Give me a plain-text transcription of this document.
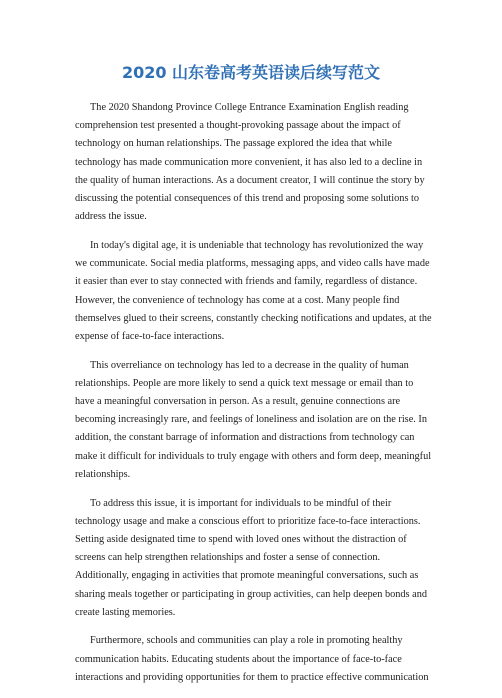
2020 山东卷高考英语读后续写范文

The 2020 Shandong Province College Entrance Examination English reading comprehension test presented a thought-provoking passage about the impact of technology on human relationships. The passage explored the idea that while technology has made communication more convenient, it has also led to a decline in the quality of human interactions. As a document creator, I will continue the story by discussing the potential consequences of this trend and proposing some solutions to address the issue.

In today's digital age, it is undeniable that technology has revolutionized the way we communicate. Social media platforms, messaging apps, and video calls have made it easier than ever to stay connected with friends and family, regardless of distance. However, the convenience of technology has come at a cost. Many people find themselves glued to their screens, constantly checking notifications and updates, at the expense of face-to-face interactions.

This overreliance on technology has led to a decrease in the quality of human relationships. People are more likely to send a quick text message or email than to have a meaningful conversation in person. As a result, genuine connections are becoming increasingly rare, and feelings of loneliness and isolation are on the rise. In addition, the constant barrage of information and distractions from technology can make it difficult for individuals to truly engage with others and form deep, meaningful relationships.

To address this issue, it is important for individuals to be mindful of their technology usage and make a conscious effort to prioritize face-to-face interactions. Setting aside designated time to spend with loved ones without the distraction of screens can help strengthen relationships and foster a sense of connection. Additionally, engaging in activities that promote meaningful conversations, such as sharing meals together or participating in group activities, can help deepen bonds and create lasting memories.

Furthermore, schools and communities can play a role in promoting healthy communication habits. Educating students about the importance of face-to-face interactions and providing opportunities for them to practice effective communication
